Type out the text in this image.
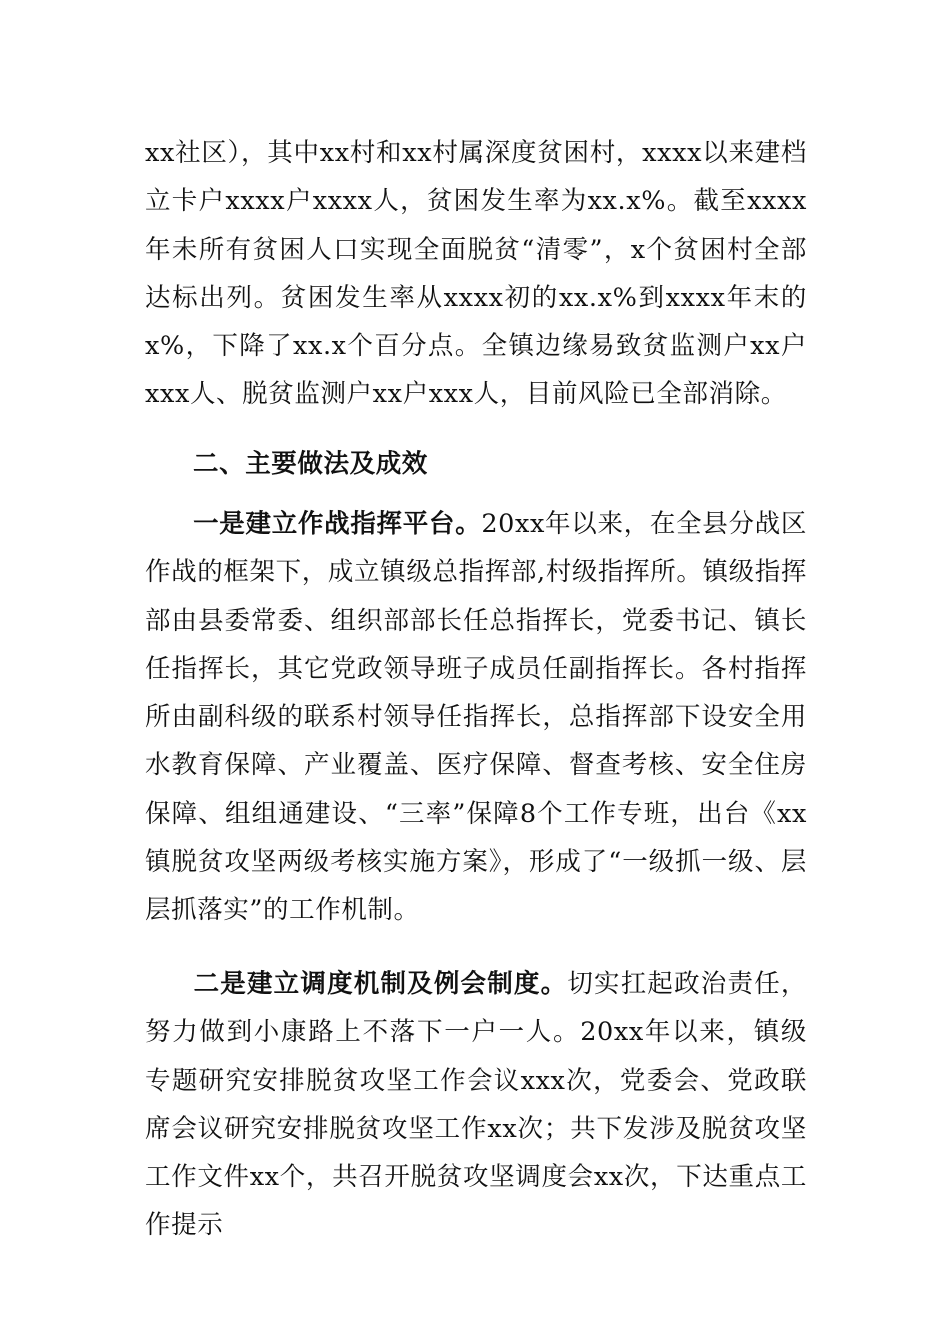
xx社区），其中xx村和xx村属深度贫困村，xxxx以来建档立卡户xxxx户xxxx人，贫困发生率为xx.x%。截至xxxx年未所有贫困人口实现全面脱贫“清零”，x个贫困村全部达标出列。贫困发生率从xxxx初的xx.x%到xxxx年末的x%，下降了xx.x个百分点。全镇边缘易致贫监测户xx户xxx人、脱贫监测户xx户xxx人，目前风险已全部消除。

二、主要做法及成效

一是建立作战指挥平台。20xx年以来，在全县分战区作战的框架下，成立镇级总指挥部,村级指挥所。镇级指挥部由县委常委、组织部部长任总指挥长，党委书记、镇长任指挥长，其它党政领导班子成员任副指挥长。各村指挥所由副科级的联系村领导任指挥长，总指挥部下设安全用水教育保障、产业覆盖、医疗保障、督查考核、安全住房保障、组组通建设、“三率”保障8个工作专班，出台《xx镇脱贫攻坚两级考核实施方案》，形成了“一级抓一级、层层抓落实”的工作机制。

二是建立调度机制及例会制度。切实扛起政治责任，努力做到小康路上不落下一户一人。20xx年以来，镇级专题研究安排脱贫攻坚工作会议xxx次，党委会、党政联席会议研究安排脱贫攻坚工作xx次；共下发涉及脱贫攻坚工作文件xx个，共召开脱贫攻坚调度会xx次，下达重点工作提示
